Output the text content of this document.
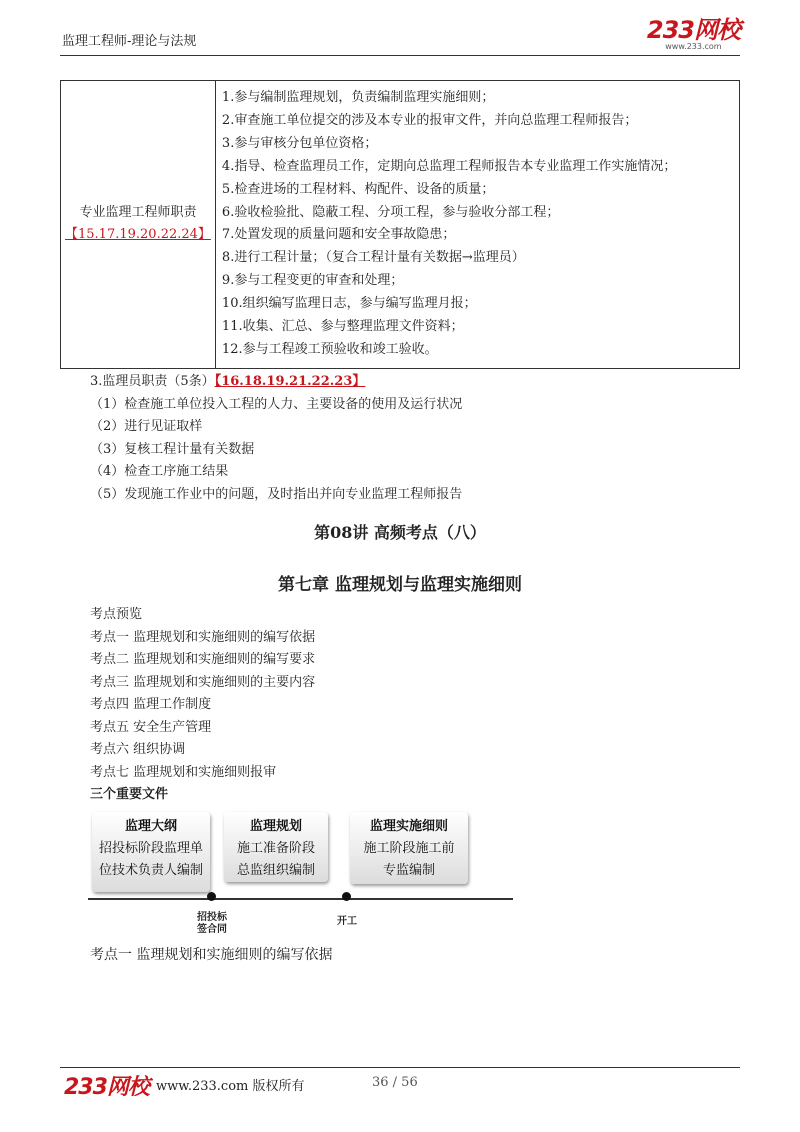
监理工程师-理论与法规	233网校
www.233.com
专业监理工程师职责
【15.17.19.20.22.24】

1.参与编制监理规划，负责编制监理实施细则；
2.审查施工单位提交的涉及本专业的报审文件，并向总监理工程师报告；
3.参与审核分包单位资格；
4.指导、检查监理员工作，定期向总监理工程师报告本专业监理工作实施情况；
5.检查进场的工程材料、构配件、设备的质量；
6.验收检验批、隐蔽工程、分项工程，参与验收分部工程；
7.处置发现的质量问题和安全事故隐患；
8.进行工程计量；（复合工程计量有关数据→监理员）
9.参与工程变更的审查和处理；
10.组织编写监理日志，参与编写监理月报；
11.收集、汇总、参与整理监理文件资料；
12.参与工程竣工预验收和竣工验收。
3.监理员职责（5条）【16.18.19.21.22.23】
（1）检查施工单位投入工程的人力、主要设备的使用及运行状况
（2）进行见证取样
（3）复核工程计量有关数据
（4）检查工序施工结果
（5）发现施工作业中的问题，及时指出并向专业监理工程师报告
第08讲 高频考点（八）
第七章 监理规划与监理实施细则
考点预览
考点一 监理规划和实施细则的编写依据
考点二 监理规划和实施细则的编写要求
考点三 监理规划和实施细则的主要内容
考点四 监理工作制度
考点五 安全生产管理
考点六 组织协调
考点七 监理规划和实施细则报审
三个重要文件
监理大纲
招投标阶段监理单
位技术负责人编制
监理规划
施工准备阶段
总监组织编制
监理实施细则
施工阶段施工前
专监编制
招投标签合同
开工
考点一 监理规划和实施细则的编写依据
233网校 www.233.com 版权所有	36 / 56
